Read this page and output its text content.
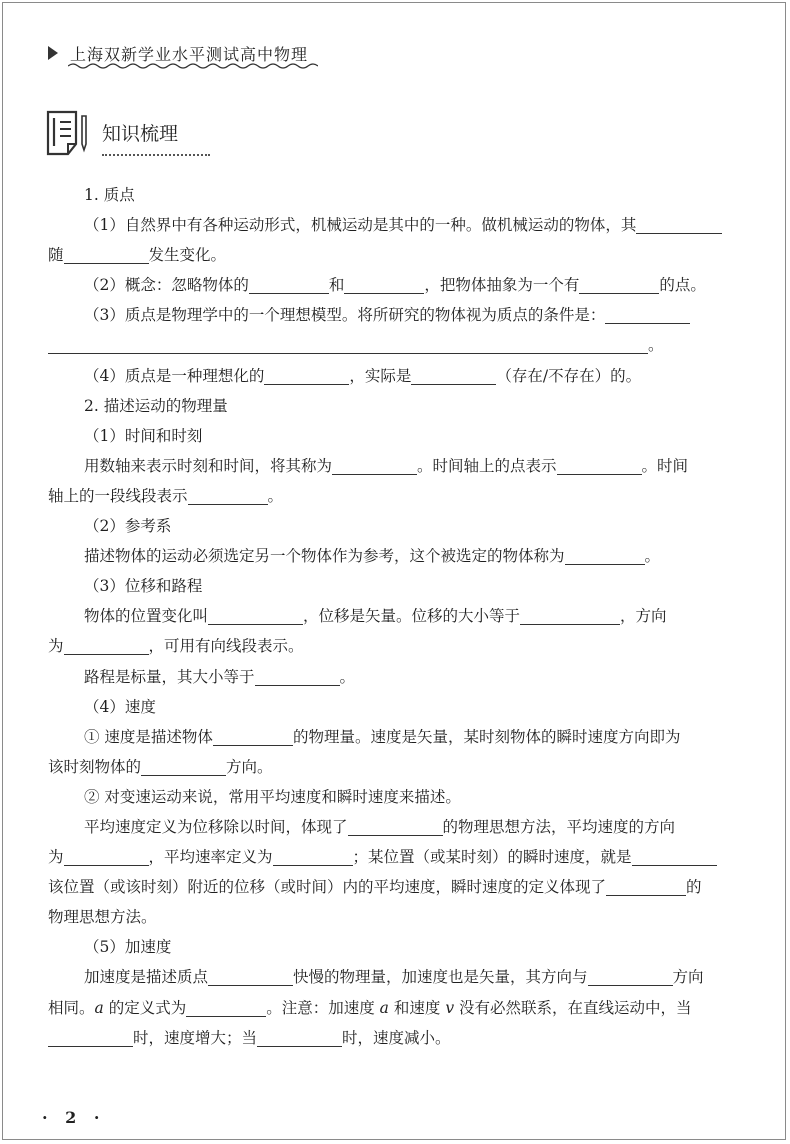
上海双新学业水平测试高中物理
知识梳理
1. 质点
（1）自然界中有各种运动形式，机械运动是其中的一种。做机械运动的物体，其
随	发生变化。
（2）概念：忽略物体的	和	，把物体抽象为一个有	的点。
（3）质点是物理学中的一个理想模型。将所研究的物体视为质点的条件是：
。
（4）质点是一种理想化的	，实际是	（存在/不存在）的。
2. 描述运动的物理量
（1）时间和时刻
用数轴来表示时刻和时间，将其称为	。时间轴上的点表示	。时间
轴上的一段线段表示	。
（2）参考系
描述物体的运动必须选定另一个物体作为参考，这个被选定的物体称为	。
（3）位移和路程
物体的位置变化叫	，位移是矢量。位移的大小等于	，方向
为	，可用有向线段表示。
路程是标量，其大小等于	。
（4）速度
① 速度是描述物体	的物理量。速度是矢量，某时刻物体的瞬时速度方向即为
该时刻物体的	方向。
② 对变速运动来说，常用平均速度和瞬时速度来描述。
平均速度定义为位移除以时间，体现了	的物理思想方法，平均速度的方向
为	，平均速率定义为	；某位置（或某时刻）的瞬时速度，就是
该位置（或该时刻）附近的位移（或时间）内的平均速度，瞬时速度的定义体现了	的
物理思想方法。
（5）加速度
加速度是描述质点	快慢的物理量，加速度也是矢量，其方向与	方向
相同。a 的定义式为	。注意：加速度 a 和速度 v 没有必然联系，在直线运动中，当
时，速度增大；当	时，速度减小。
· 2 ·
